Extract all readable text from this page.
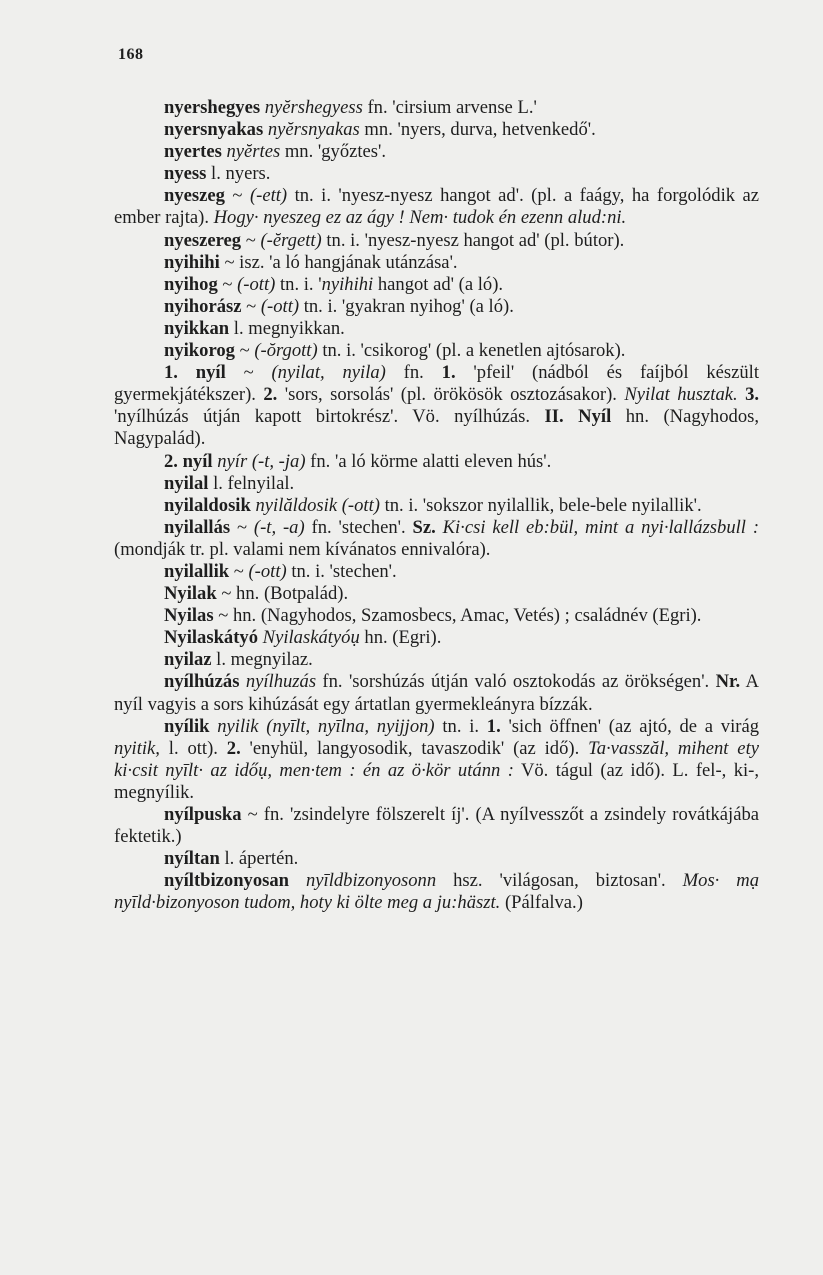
168

nyershegyes nyĕrshegyess fn. 'cirsium arvense L.'

nyersnyakas nyĕrsnyakas mn. 'nyers, durva, hetvenkedő'.

nyertes nyĕrtes mn. 'győztes'.

nyess l. nyers.

nyeszeg ~ (-ett) tn. i. 'nyesz-nyesz hangot ad'. (pl. a faágy, ha forgolódik az ember rajta). Hogy· nyeszeg ez az ágy ! Nem· tudok én ezenn alud:ni.

nyeszereg ~ (-ĕrgett) tn. i. 'nyesz-nyesz hangot ad' (pl. bútor).

nyihihi ~ isz. 'a ló hangjának utánzása'.

nyihog ~ (-ott) tn. i. 'nyihihi hangot ad' (a ló).

nyihorász ~ (-ott) tn. i. 'gyakran nyihog' (a ló).

nyikkan l. megnyikkan.

nyikorog ~ (-ŏrgott) tn. i. 'csikorog' (pl. a kenetlen ajtósarok).

1. nyíl ~ (nyilat, nyila) fn. 1. 'pfeil' (nádból és faíjból készült gyermekjátékszer). 2. 'sors, sorsolás' (pl. örökösök osztozásakor). Nyilat husztak. 3. 'nyílhúzás útján kapott birtokrész'. Vö. nyílhúzás. II. Nyíl hn. (Nagyhodos, Nagypalád).

2. nyíl nyír (-t, -ja) fn. 'a ló körme alatti eleven hús'.

nyilal l. felnyilal.

nyilaldosik nyilăldosik (-ott) tn. i. 'sokszor nyilallik, bele-bele nyilallik'.

nyilallás ~ (-t, -a) fn. 'stechen'. Sz. Ki·csi kell eb:bül, mint a nyi·lallázsbull : (mondják tr. pl. valami nem kívánatos ennivalóra).

nyilallik ~ (-ott) tn. i. 'stechen'.

Nyilak ~ hn. (Botpalád).

Nyilas ~ hn. (Nagyhodos, Szamosbecs, Amac, Vetés) ; családnév (Egri).

Nyilaskátyó Nyilaskátyóụ hn. (Egri).

nyilaz l. megnyilaz.

nyílhúzás nyílhuzás fn. 'sorshúzás útján való osztokodás az örökségen'. Nr. A nyíl vagyis a sors kihúzását egy ártatlan gyermekleányra bízzák.

nyílik nyilik (nyīlt, nyīlna, nyijjon) tn. i. 1. 'sich öffnen' (az ajtó, de a virág nyitik, l. ott). 2. 'enyhül, langyosodik, tavaszodik' (az idő). Ta·vasszăl, mihent ety ki·csit nyīlt· az időụ, men·tem : én az ö·kör utánn : Vö. tágul (az idő). L. fel-, ki-, megnyílik.

nyílpuska ~ fn. 'zsindelyre fölszerelt íj'. (A nyílvesszőt a zsindely rovátkájába fektetik.)

nyíltan l. ápertén.

nyíltbizonyosan nyīldbizonyosonn hsz. 'világosan, biztosan'. Mos· mạ nyīld·bizonyoson tudom, hoty ki ölte meg a ju:häszt. (Pálfalva.)
